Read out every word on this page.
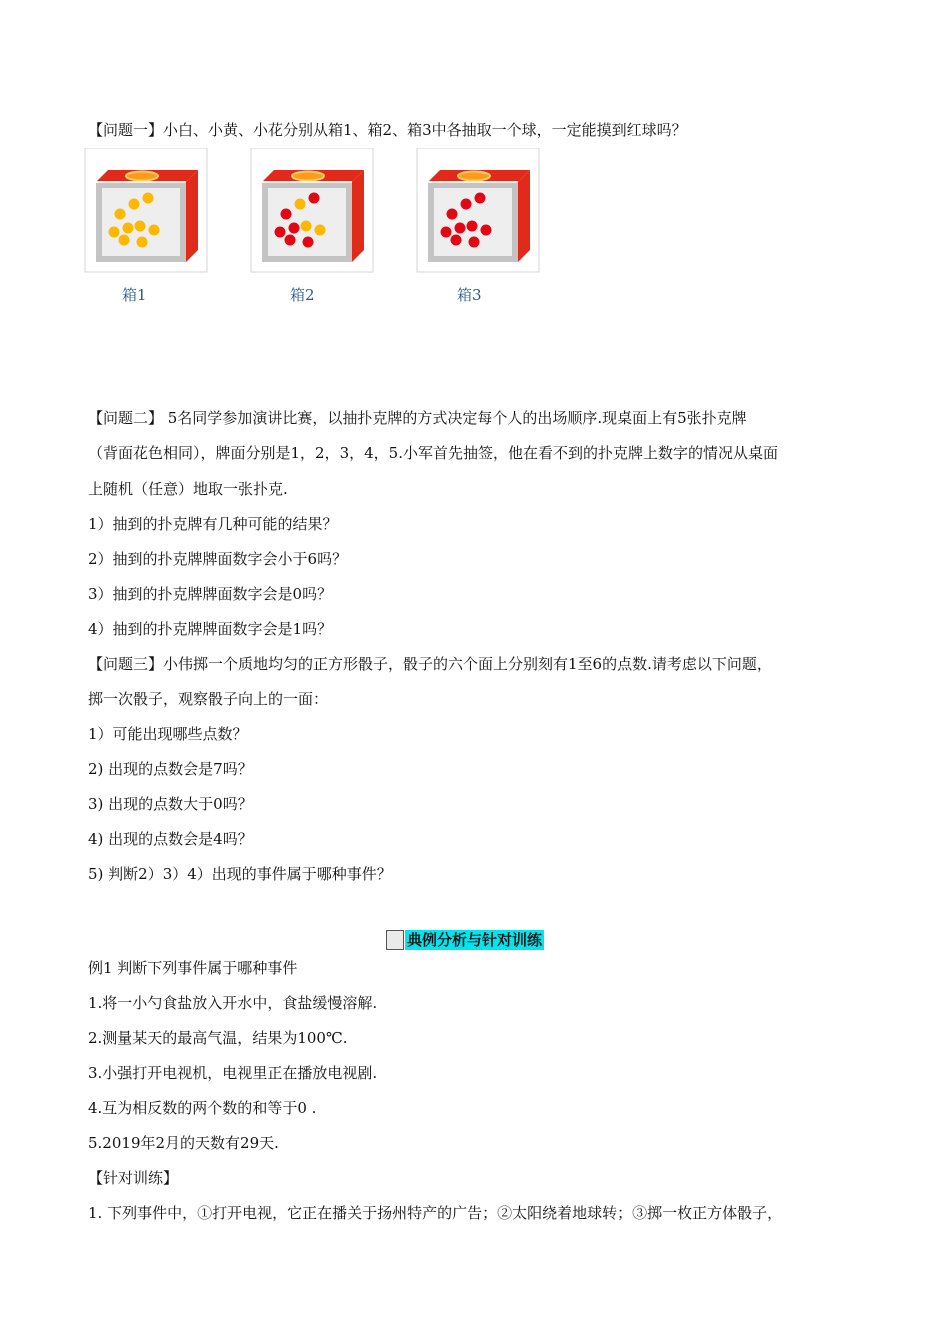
【问题一】小白、小黄、小花分别从箱1、箱2、箱3中各抽取一个球，一定能摸到红球吗？
箱1	箱2	箱3
【问题二】 5名同学参加演讲比赛，以抽扑克牌的方式决定每个人的出场顺序.现桌面上有5张扑克牌
（背面花色相同），牌面分别是1，2，3，4，5.小军首先抽签，他在看不到的扑克牌上数字的情况从桌面
上随机（任意）地取一张扑克.
1）抽到的扑克牌有几种可能的结果？
2）抽到的扑克牌牌面数字会小于6吗？
3）抽到的扑克牌牌面数字会是0吗？
4）抽到的扑克牌牌面数字会是1吗？
【问题三】小伟掷一个质地均匀的正方形骰子，骰子的六个面上分别刻有1至6的点数.请考虑以下问题，
掷一次骰子，观察骰子向上的一面：
1）可能出现哪些点数？
2) 出现的点数会是7吗？
3) 出现的点数大于0吗？
4) 出现的点数会是4吗？
5) 判断2）3）4）出现的事件属于哪种事件？
典例分析与针对训练
例1 判断下列事件属于哪种事件
1.将一小勺食盐放入开水中，食盐缓慢溶解.
2.测量某天的最高气温，结果为100℃.
3.小强打开电视机，电视里正在播放电视剧.
4.互为相反数的两个数的和等于0 .
5.2019年2月的天数有29天.
【针对训练】
1. 下列事件中，①打开电视，它正在播关于扬州特产的广告；②太阳绕着地球转；③掷一枚正方体骰子，
